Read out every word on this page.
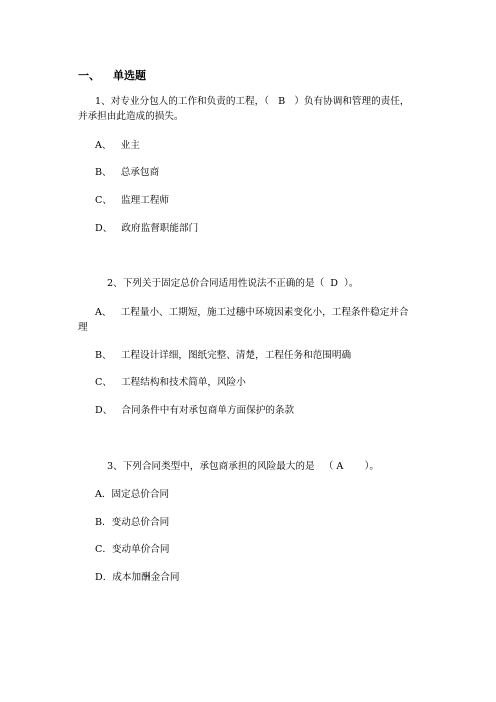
一、 单选题
1、对专业分包人的工作和负责的工程，（   B   ）负有协调和管理的责任，
并承担由此造成的损失。
A、   业主
B、   总承包商
C、   监理工程师
D、   政府监督职能部门
2、下列关于固定总价合同适用性说法不正确的是（  D  ）。
A、   工程量小、工期短，施工过穗中环境因素变化小，工程条件稳定并合
理
B、   工程设计详细，图纸完整、清楚，工程任务和范围明确
C、   工程结构和技术简单，风险小
D、   合同条件中有对承包商单方面保护的条款
3、下列合同类型中，承包商承担的风险最大的是   （ A       ）。
A．固定总价合同
B．变动总价合同
C．变动单价合同
D．成本加酬金合同
